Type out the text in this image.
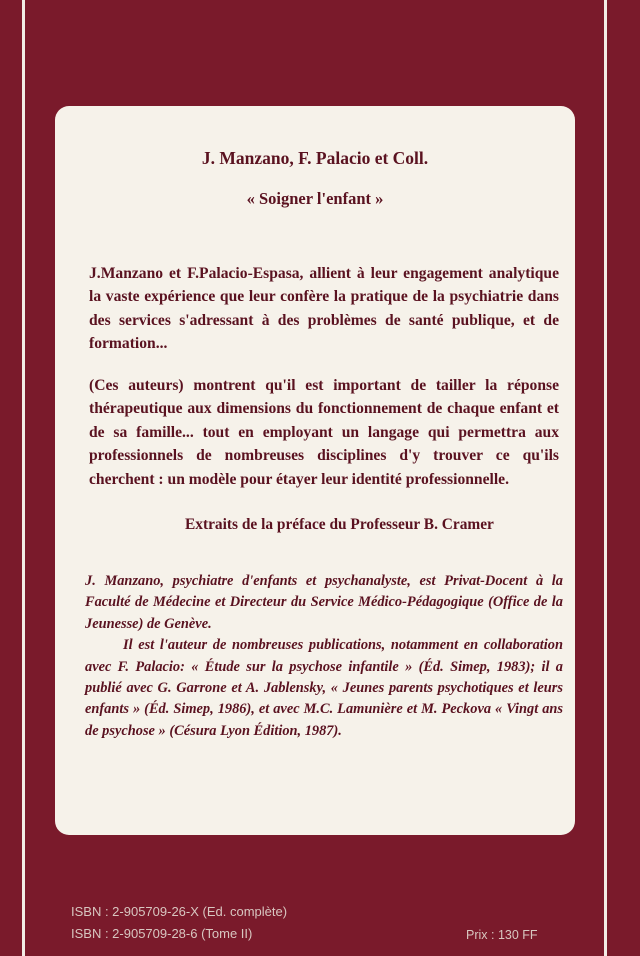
J. Manzano, F. Palacio et Coll.
« Soigner l'enfant »
J.Manzano et F.Palacio-Espasa, allient à leur engagement analytique la vaste expérience que leur confère la pratique de la psychiatrie dans des services s'adressant à des problèmes de santé publique, et de formation...
(Ces auteurs) montrent qu'il est important de tailler la réponse thérapeutique aux dimensions du fonctionnement de chaque enfant et de sa famille... tout en employant un langage qui permettra aux professionnels de nombreuses disciplines d'y trouver ce qu'ils cherchent : un modèle pour étayer leur identité professionnelle.
Extraits de la préface du Professeur B. Cramer

J. Manzano, psychiatre d'enfants et psychanalyste, est Privat-Docent à la Faculté de Médecine et Directeur du Service Médico-Pédagogique (Office de la Jeunesse) de Genève.

Il est l'auteur de nombreuses publications, notamment en collaboration avec F. Palacio: « Étude sur la psychose infantile » (Éd. Simep, 1983); il a publié avec G. Garrone et A. Jablensky, « Jeunes parents psychotiques et leurs enfants » (Éd. Simep, 1986), et avec M.C. Lamunière et M. Peckova « Vingt ans de psychose » (Césura Lyon Édition, 1987).

ISBN : 2-905709-26-X (Ed. complète)
ISBN : 2-905709-28-6 (Tome II)	Prix : 130 FF
